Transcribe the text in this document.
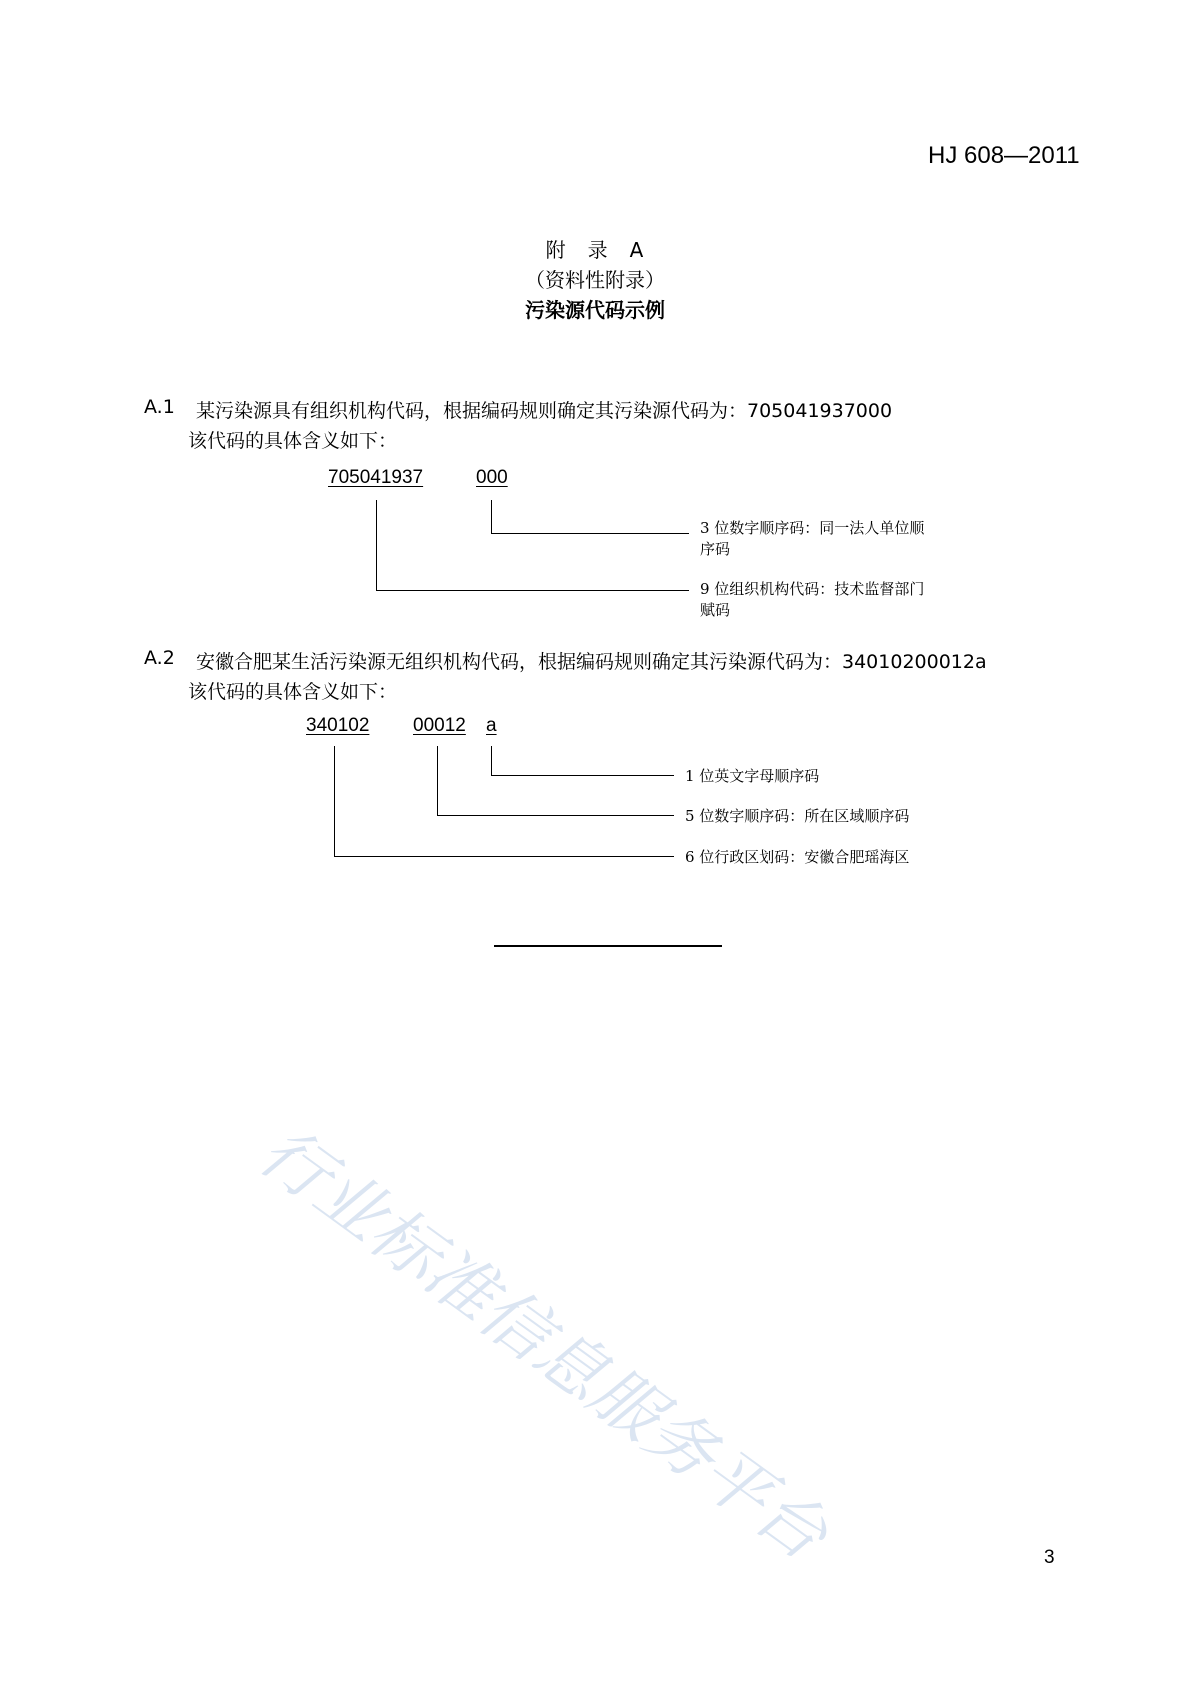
HJ 608—2011
附　录　A
（资料性附录）
污染源代码示例
A.1 某污染源具有组织机构代码，根据编码规则确定其污染源代码为：705041937000
该代码的具体含义如下：
705041937	000
3 位数字顺序码：同一法人单位顺序码
9 位组织机构代码：技术监督部门赋码
A.2 安徽合肥某生活污染源无组织机构代码，根据编码规则确定其污染源代码为：34010200012a
该代码的具体含义如下：
340102 00012 a
1 位英文字母顺序码
5 位数字顺序码：所在区域顺序码
6 位行政区划码：安徽合肥瑶海区
行业标准信息服务平台	3
